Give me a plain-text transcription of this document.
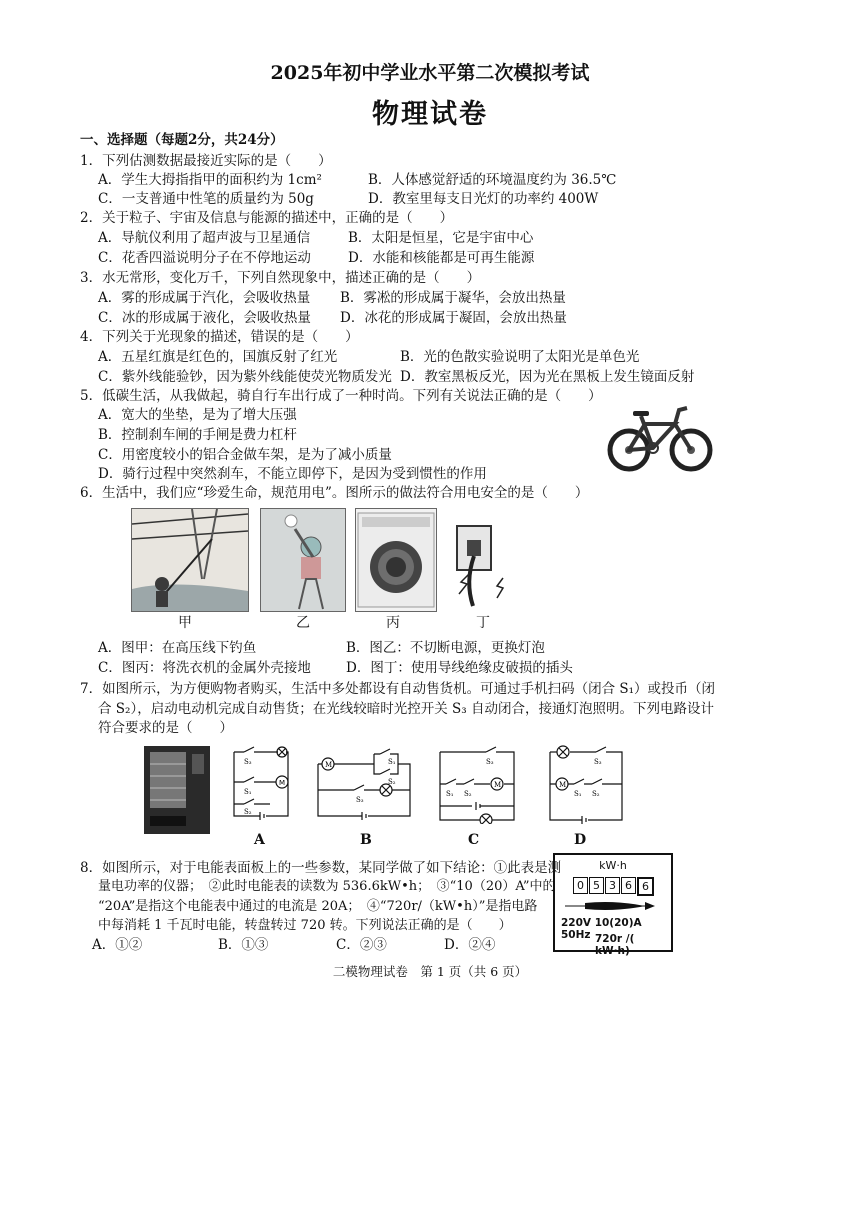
2025年初中学业水平第二次模拟考试
物理试卷
一、选择题（每题2分，共24分）
1．下列估测数据最接近实际的是（　　）
A．学生大拇指指甲的面积约为 1cm²	B．人体感觉舒适的环境温度约为 36.5℃
C．一支普通中性笔的质量约为 50g	D．教室里每支日光灯的功率约 400W
2．关于粒子、宇宙及信息与能源的描述中，正确的是（　　）
A．导航仪利用了超声波与卫星通信	B．太阳是恒星，它是宇宙中心
C．花香四溢说明分子在不停地运动	D．水能和核能都是可再生能源
3．水无常形，变化万千，下列自然现象中，描述正确的是（　　）
A．雾的形成属于汽化，会吸收热量 B．雾凇的形成属于凝华，会放出热量
C．冰的形成属于液化，会吸收热量 D．冰花的形成属于凝固，会放出热量
4．下列关于光现象的描述，错误的是（　　）
A．五星红旗是红色的，国旗反射了红光	B．光的色散实验说明了太阳光是单色光
C．紫外线能验钞，因为紫外线能使荧光物质发光 D．教室黑板反光，因为光在黑板上发生镜面反射
5．低碳生活，从我做起，骑自行车出行成了一种时尚。下列有关说法正确的是（　　）
A．宽大的坐垫，是为了增大压强
B．控制刹车闸的手闸是费力杠杆
C．用密度较小的铝合金做车架，是为了减小质量
D．骑行过程中突然刹车，不能立即停下，是因为受到惯性的作用
6．生活中，我们应“珍爱生命，规范用电”。图所示的做法符合用电安全的是（　　）
甲	乙	丙	丁
A．图甲：在高压线下钓鱼	B．图乙：不切断电源，更换灯泡
C．图丙：将洗衣机的金属外壳接地	D．图丁：使用导线绝缘皮破损的插头
7．如图所示，为方便购物者购买，生活中多处都设有自动售货机。可通过手机扫码（闭合 S₁）或投币（闭
合 S₂），启动电动机完成自动售货；在光线较暗时光控开关 S₃ 自动闭合，接通灯泡照明。下列电路设计
符合要求的是（　　）
M
S₃
S₁
S₂
M	S₁
S₂
S₃
M
S₃
S₁ S₂
M
S₃
S₁ S₂
A	B	C	D
8．如图所示，对于电能表面板上的一些参数，某同学做了如下结论：①此表是测
量电功率的仪器；　②此时电能表的读数为 536.6kW•h；　③“10（20）A”中的
“20A”是指这个电能表中通过的电流是 20A；　④“720r/（kW•h）”是指电路
中每消耗 1 千瓦时电能，转盘转过 720 转。下列说法正确的是（　　）
A．①②	B．①③	C．②③	D．②④
kW·h
0 5 3 6 6
220V 10(20)A 50Hz 720r /( kW·h)
二模物理试卷　第 1 页（共 6 页）
